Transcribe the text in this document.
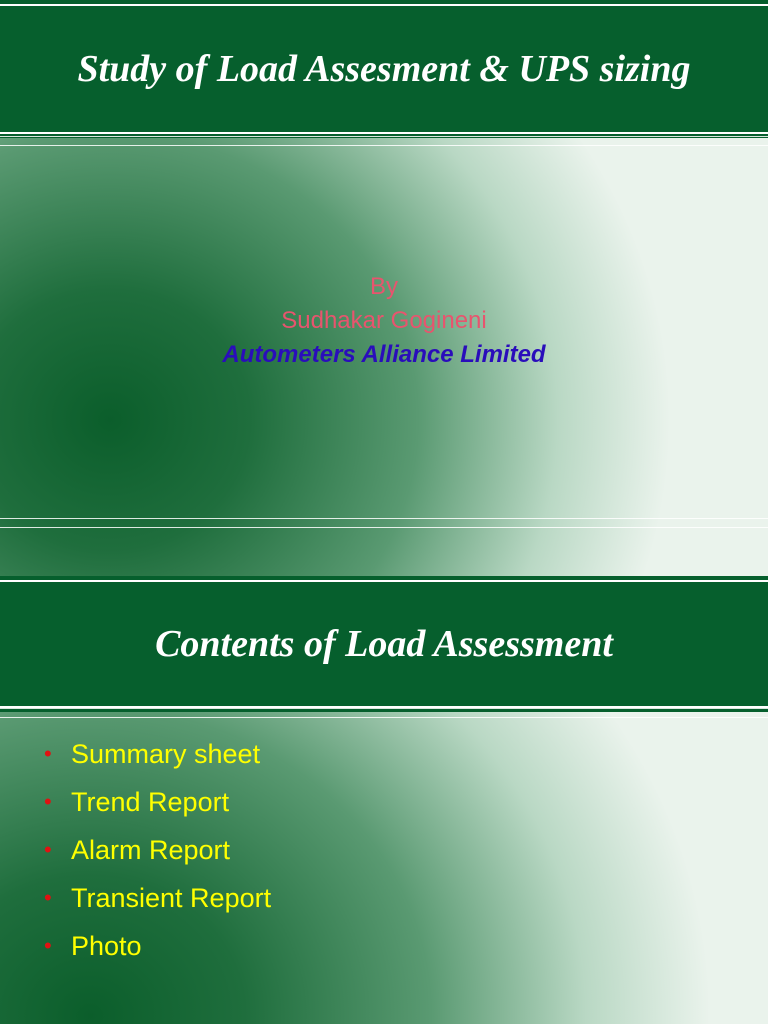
Study of Load Assesment & UPS sizing
By
Sudhakar Gogineni
Autometers Alliance Limited
Contents of Load Assessment
• Summary sheet
• Trend Report
• Alarm Report
• Transient Report
• Photo
